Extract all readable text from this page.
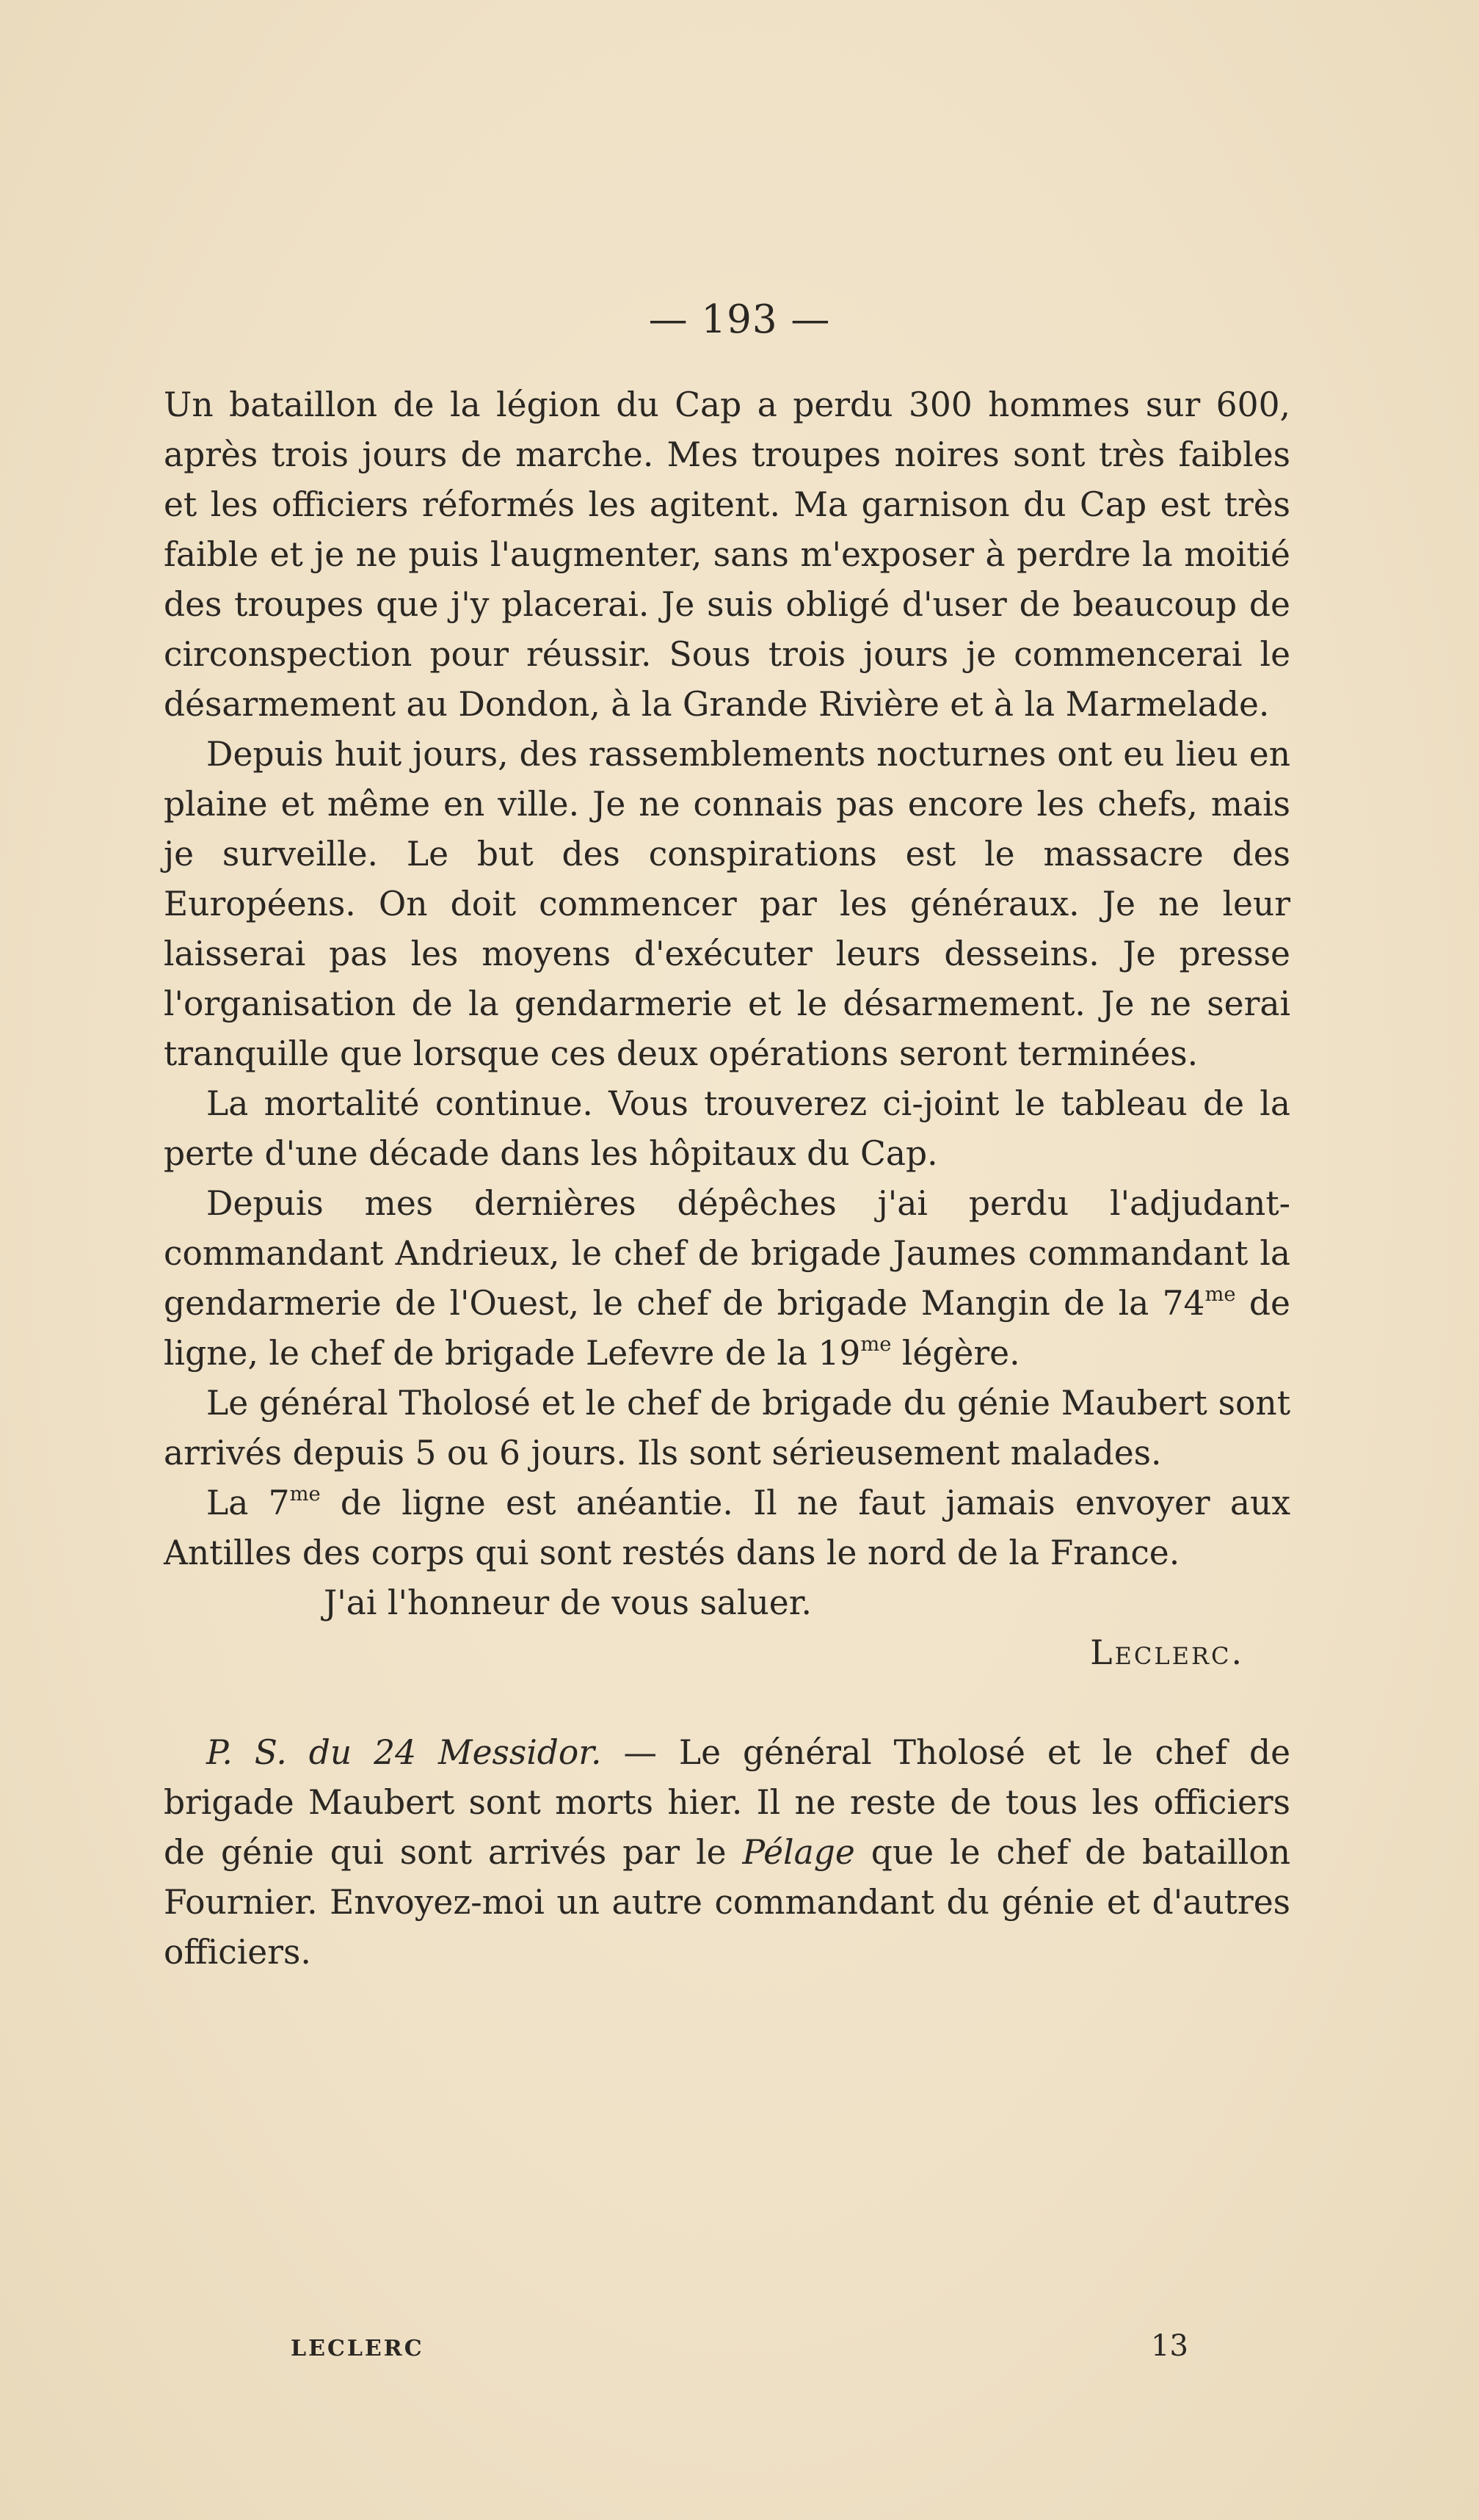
— 193 —

Un bataillon de la légion du Cap a perdu 300 hommes sur 600, après trois jours de marche. Mes troupes noires sont très faibles et les officiers réformés les agitent. Ma garnison du Cap est très faible et je ne puis l'augmenter, sans m'exposer à perdre la moitié des troupes que j'y placerai. Je suis obligé d'user de beaucoup de circonspection pour réussir. Sous trois jours je commencerai le désarmement au Dondon, à la Grande Rivière et à la Marmelade.

Depuis huit jours, des rassemblements nocturnes ont eu lieu en plaine et même en ville. Je ne connais pas encore les chefs, mais je surveille. Le but des conspirations est le massacre des Européens. On doit commencer par les généraux. Je ne leur laisserai pas les moyens d'exécuter leurs desseins. Je presse l'organisation de la gendarmerie et le désarmement. Je ne serai tranquille que lorsque ces deux opérations seront terminées.

La mortalité continue. Vous trouverez ci-joint le tableau de la perte d'une décade dans les hôpitaux du Cap.

Depuis mes dernières dépêches j'ai perdu l'adjudant-commandant Andrieux, le chef de brigade Jaumes commandant la gendarmerie de l'Ouest, le chef de brigade Mangin de la $74^{me}$ de ligne, le chef de brigade Lefevre de la $19^{me}$ légère.

Le général Tholosé et le chef de brigade du génie Maubert sont arrivés depuis 5 ou 6 jours. Ils sont sérieusement malades.

La $7^{me}$ de ligne est anéantie. Il ne faut jamais envoyer aux Antilles des corps qui sont restés dans le nord de la France.

J'ai l'honneur de vous saluer.

Leclerc.

P. S. du 24 Messidor. — Le général Tholosé et le chef de brigade Maubert sont morts hier. Il ne reste de tous les officiers de génie qui sont arrivés par le Pélage que le chef de bataillon Fournier. Envoyez-moi un autre commandant du génie et d'autres officiers.

LECLERC	13
